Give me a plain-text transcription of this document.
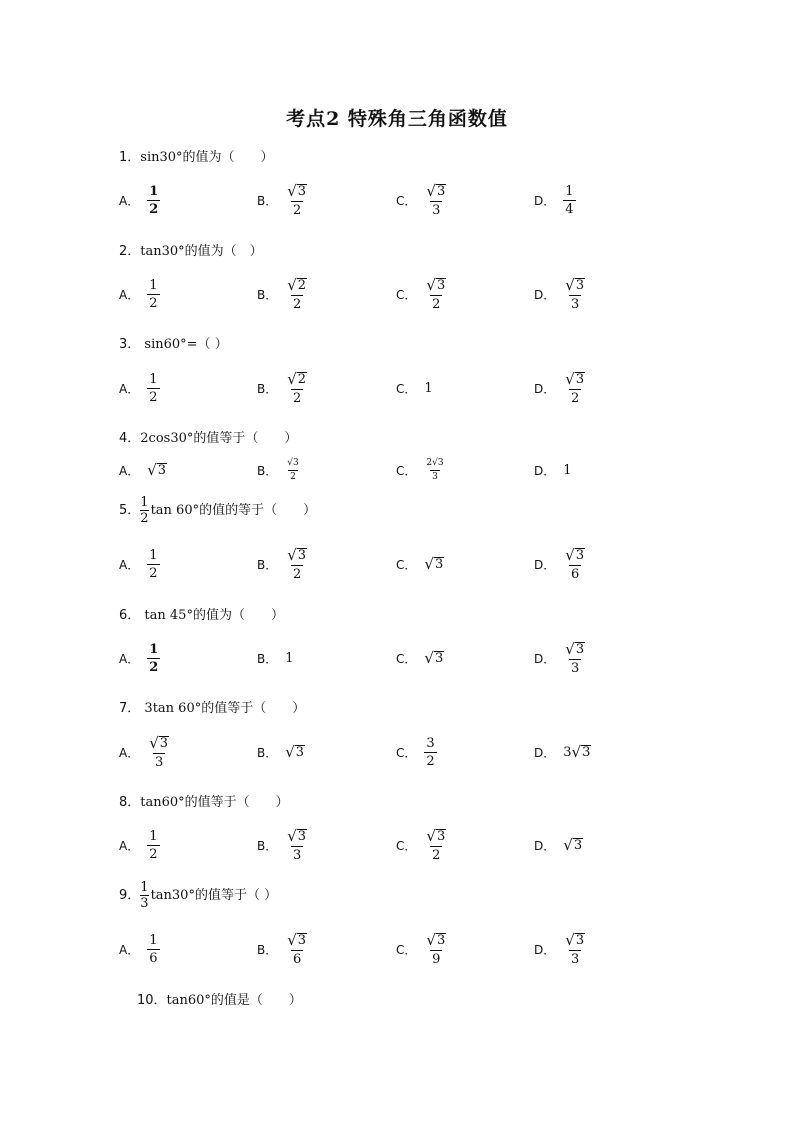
考点2 特殊角三角函数值
1．sin30°的值为（　　）
A． $\frac{1}{2}$	B． $\frac{√ 3}{2}$	C． $\frac{√ 3}{3}$	D． $\frac{1}{4}$
2．tan30°的值为（　）
A． $\frac{1}{2}$	B． $\frac{√ 2}{2}$	C． $\frac{√ 3}{2}$	D． $\frac{√ 3}{3}$
3． sin60°=（ ）
A． $\frac{1}{2}$	B． $\frac{√ 2}{2}$	C． 1	D． $\frac{√ 3}{2}$
4．2cos30°的值等于（　　）
A． √ 3	B． $\frac{√3}{2}$	C． $\frac{2√3}{3}$	D． 1
5． $\frac{1}{2}$ tan 60°的值的等于（　　）
A． $\frac{1}{2}$	B． $\frac{√ 3}{2}$	C． √ 3	D． $\frac{√ 3}{6}$
6． tan 45°的值为（　　）
A． $\frac{1}{2}$	B． 1	C． √ 3	D． $\frac{√ 3}{3}$
7． 3tan 60°的值等于（　　）
A． $\frac{√ 3}{3}$	B． √ 3	C． $\frac{3}{2}$	D． 3 √ 3
8．tan60°的值等于（　　）
A． $\frac{1}{2}$	B． $\frac{√ 3}{3}$	C． $\frac{√ 3}{2}$	D． √ 3
9． $\frac{1}{3} \tan 30^\circ$的值等于（ ）
A． $\frac{1}{6}$	B． $\frac{√ 3}{6}$	C． $\frac{√ 3}{9}$	D． $\frac{√ 3}{3}$
10．tan60°的值是（　　）
